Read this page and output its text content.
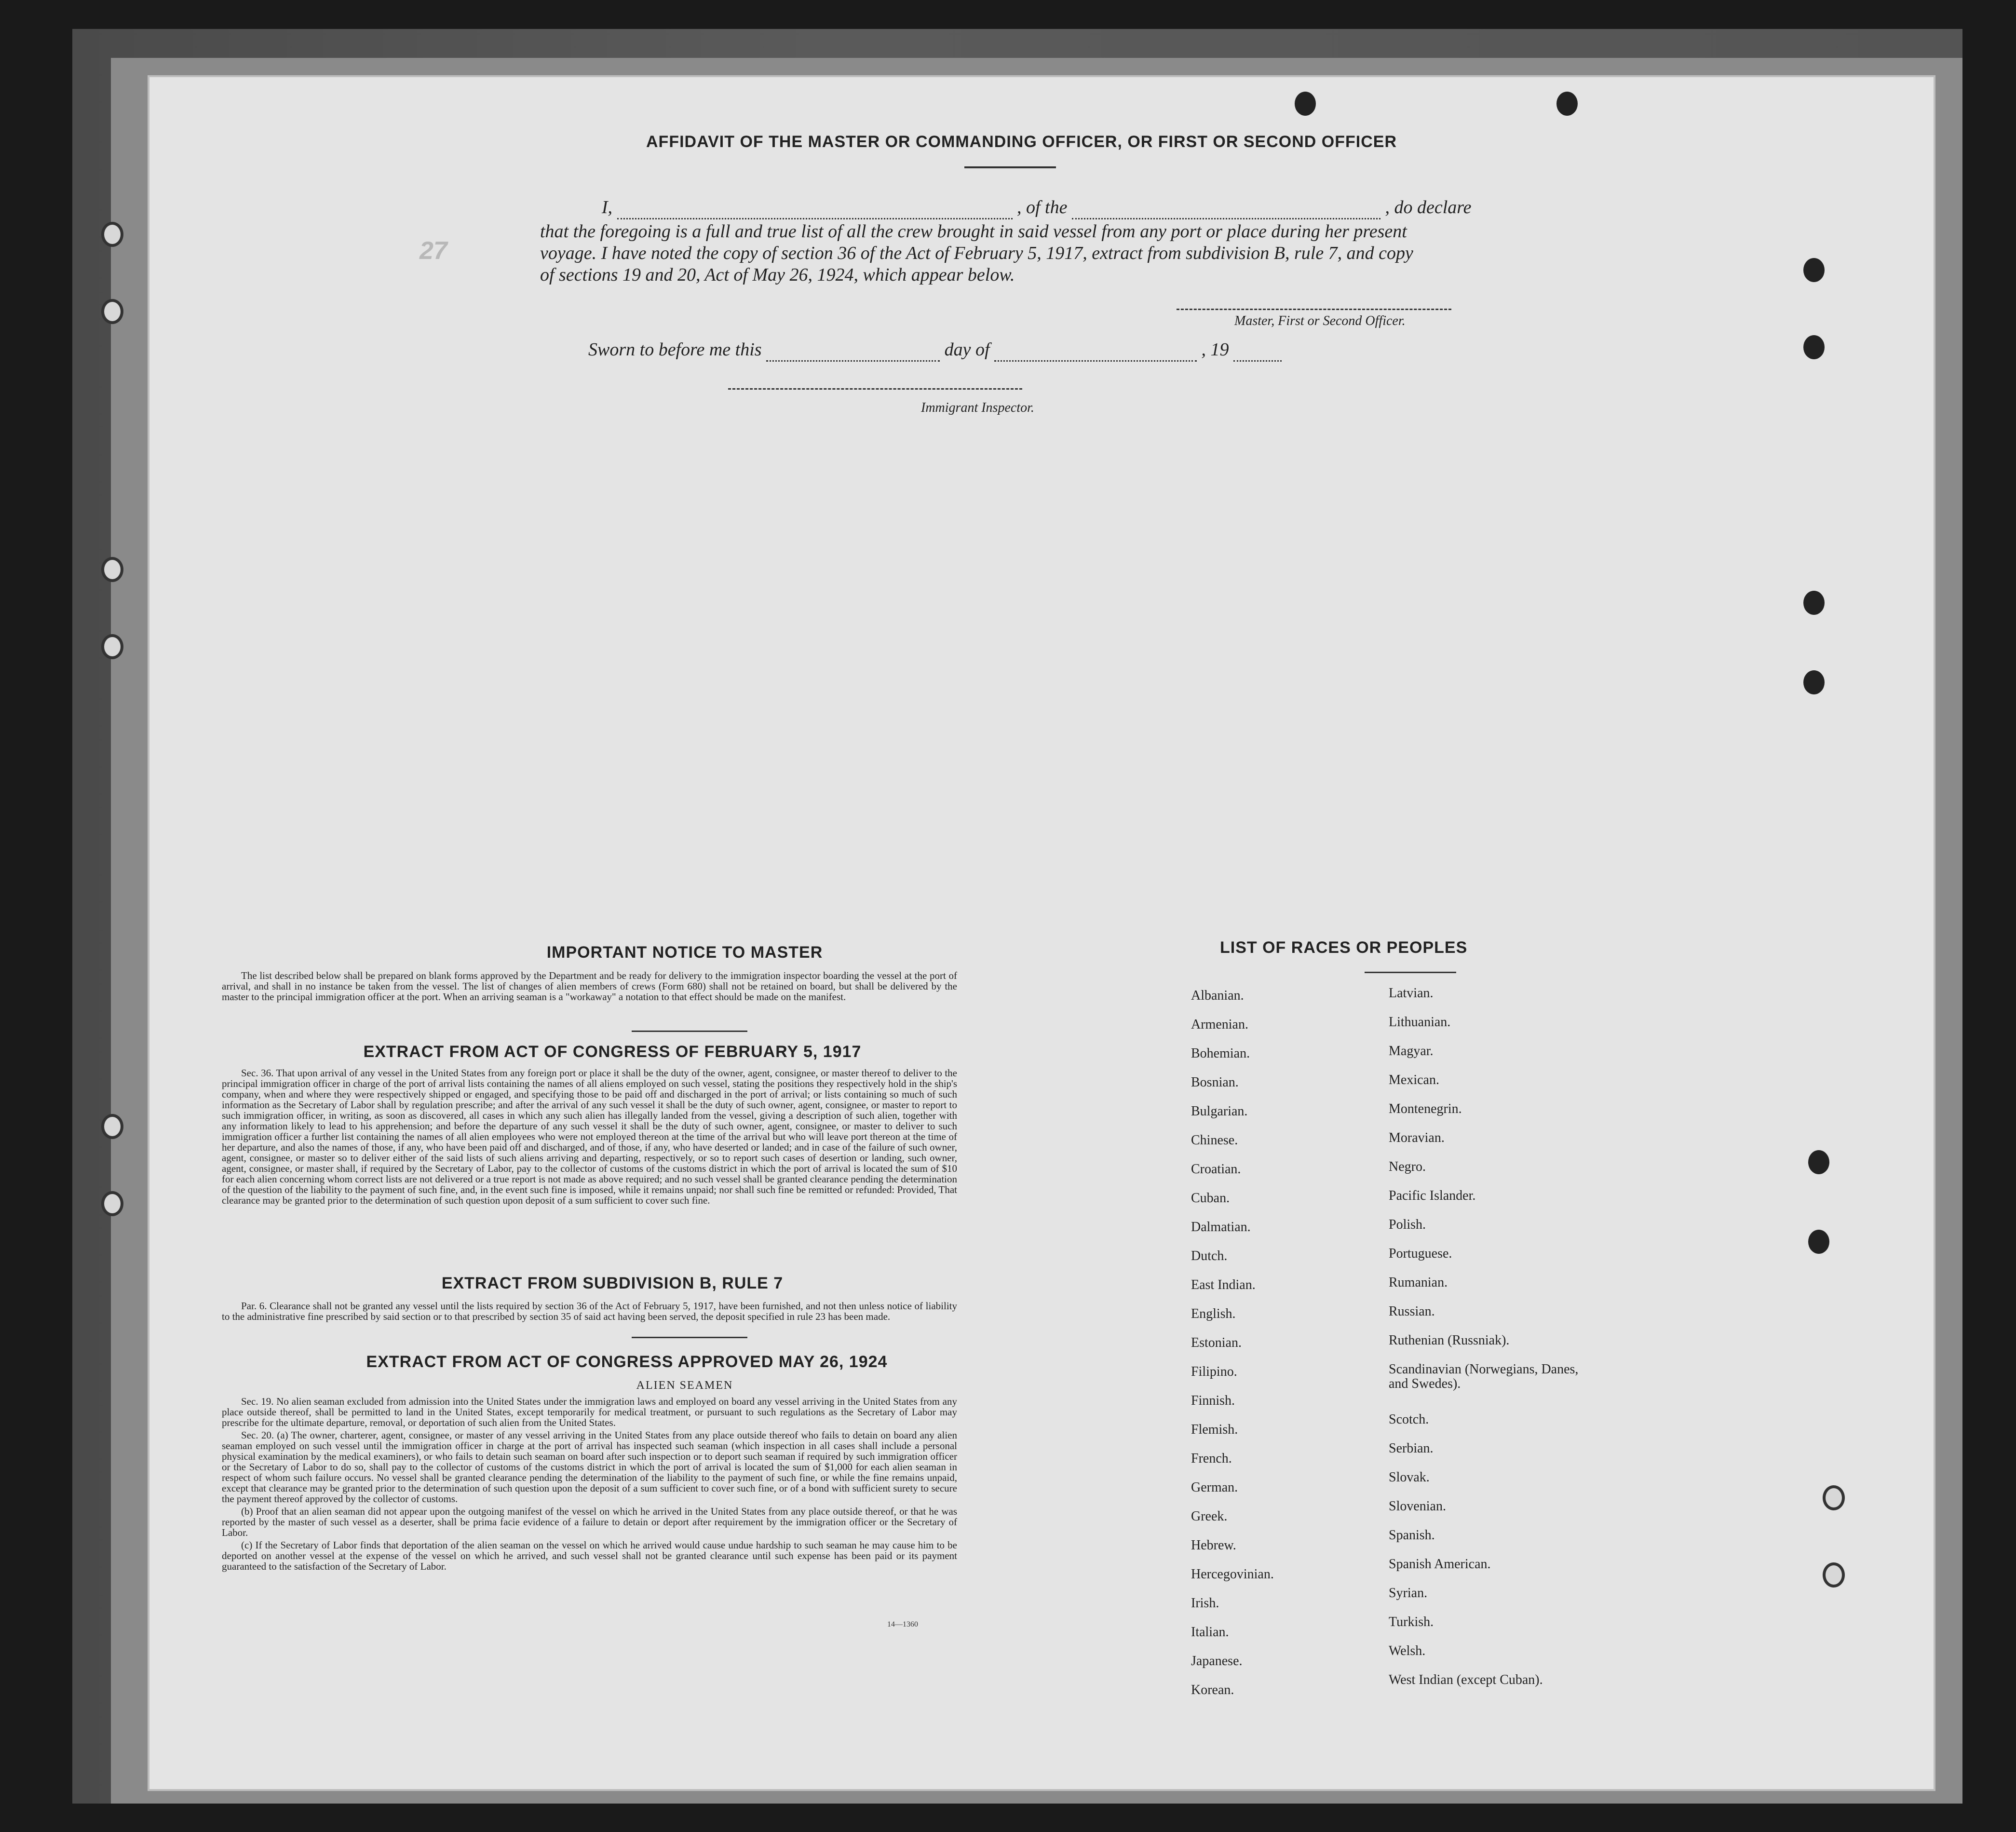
AFFIDAVIT OF THE MASTER OR COMMANDING OFFICER, OR FIRST OR SECOND OFFICER
I,	, of the	, do declare
that the foregoing is a full and true list of all the crew brought in said vessel from any port or place during her present
voyage. I have noted the copy of section 36 of the Act of February 5, 1917, extract from subdivision B, rule 7, and copy
of sections 19 and 20, Act of May 26, 1924, which appear below.
27
Master, First or Second Officer.
Sworn to before me this	day of	, 19
Immigrant Inspector.
IMPORTANT NOTICE TO MASTER
The list described below shall be prepared on blank forms approved by the Department and be ready for delivery to the immigration inspector boarding the vessel at the port of arrival, and shall in no instance be taken from the vessel. The list of changes of alien members of crews (Form 680) shall not be retained on board, but shall be delivered by the master to the principal immigration officer at the port. When an arriving seaman is a "workaway" a notation to that effect should be made on the manifest.
EXTRACT FROM ACT OF CONGRESS OF FEBRUARY 5, 1917
Sec. 36. That upon arrival of any vessel in the United States from any foreign port or place it shall be the duty of the owner, agent, consignee, or master thereof to deliver to the principal immigration officer in charge of the port of arrival lists containing the names of all aliens employed on such vessel, stating the positions they respectively hold in the ship's company, when and where they were respectively shipped or engaged, and specifying those to be paid off and discharged in the port of arrival; or lists containing so much of such information as the Secretary of Labor shall by regulation prescribe; and after the arrival of any such vessel it shall be the duty of such owner, agent, consignee, or master to report to such immigration officer, in writing, as soon as discovered, all cases in which any such alien has illegally landed from the vessel, giving a description of such alien, together with any information likely to lead to his apprehension; and before the departure of any such vessel it shall be the duty of such owner, agent, consignee, or master to deliver to such immigration officer a further list containing the names of all alien employees who were not employed thereon at the time of the arrival but who will leave port thereon at the time of her departure, and also the names of those, if any, who have been paid off and discharged, and of those, if any, who have deserted or landed; and in case of the failure of such owner, agent, consignee, or master so to deliver either of the said lists of such aliens arriving and departing, respectively, or so to report such cases of desertion or landing, such owner, agent, consignee, or master shall, if required by the Secretary of Labor, pay to the collector of customs of the customs district in which the port of arrival is located the sum of $10 for each alien concerning whom correct lists are not delivered or a true report is not made as above required; and no such vessel shall be granted clearance pending the determination of the question of the liability to the payment of such fine, and, in the event such fine is imposed, while it remains unpaid; nor shall such fine be remitted or refunded: Provided, That clearance may be granted prior to the determination of such question upon deposit of a sum sufficient to cover such fine.
EXTRACT FROM SUBDIVISION B, RULE 7
Par. 6. Clearance shall not be granted any vessel until the lists required by section 36 of the Act of February 5, 1917, have been furnished, and not then unless notice of liability to the administrative fine prescribed by said section or to that prescribed by section 35 of said act having been served, the deposit specified in rule 23 has been made.
EXTRACT FROM ACT OF CONGRESS APPROVED MAY 26, 1924
ALIEN SEAMEN

Sec. 19. No alien seaman excluded from admission into the United States under the immigration laws and employed on board any vessel arriving in the United States from any place outside thereof, shall be permitted to land in the United States, except temporarily for medical treatment, or pursuant to such regulations as the Secretary of Labor may prescribe for the ultimate departure, removal, or deportation of such alien from the United States.

Sec. 20. (a) The owner, charterer, agent, consignee, or master of any vessel arriving in the United States from any place outside thereof who fails to detain on board any alien seaman employed on such vessel until the immigration officer in charge at the port of arrival has inspected such seaman (which inspection in all cases shall include a personal physical examination by the medical examiners), or who fails to detain such seaman on board after such inspection or to deport such seaman if required by such immigration officer or the Secretary of Labor to do so, shall pay to the collector of customs of the customs district in which the port of arrival is located the sum of $1,000 for each alien seaman in respect of whom such failure occurs. No vessel shall be granted clearance pending the determination of the liability to the payment of such fine, or while the fine remains unpaid, except that clearance may be granted prior to the determination of such question upon the deposit of a sum sufficient to cover such fine, or of a bond with sufficient surety to secure the payment thereof approved by the collector of customs.

(b) Proof that an alien seaman did not appear upon the outgoing manifest of the vessel on which he arrived in the United States from any place outside thereof, or that he was reported by the master of such vessel as a deserter, shall be prima facie evidence of a failure to detain or deport after requirement by the immigration officer or the Secretary of Labor.

(c) If the Secretary of Labor finds that deportation of the alien seaman on the vessel on which he arrived would cause undue hardship to such seaman he may cause him to be deported on another vessel at the expense of the vessel on which he arrived, and such vessel shall not be granted clearance until such expense has been paid or its payment guaranteed to the satisfaction of the Secretary of Labor.

14—1360
LIST OF RACES OR PEOPLES
Albanian.
Armenian.
Bohemian.
Bosnian.
Bulgarian.
Chinese.
Croatian.
Cuban.
Dalmatian.
Dutch.
East Indian.
English.
Estonian.
Filipino.
Finnish.
Flemish.
French.
German.
Greek.
Hebrew.
Hercegovinian.
Irish.
Italian.
Japanese.
Korean.
Latvian.
Lithuanian.
Magyar.
Mexican.
Montenegrin.
Moravian.
Negro.
Pacific Islander.
Polish.
Portuguese.
Rumanian.
Russian.
Ruthenian (Russniak).
Scandinavian (Norwegians, Danes, and Swedes).
Scotch.
Serbian.
Slovak.
Slovenian.
Spanish.
Spanish American.
Syrian.
Turkish.
Welsh.
West Indian (except Cuban).
